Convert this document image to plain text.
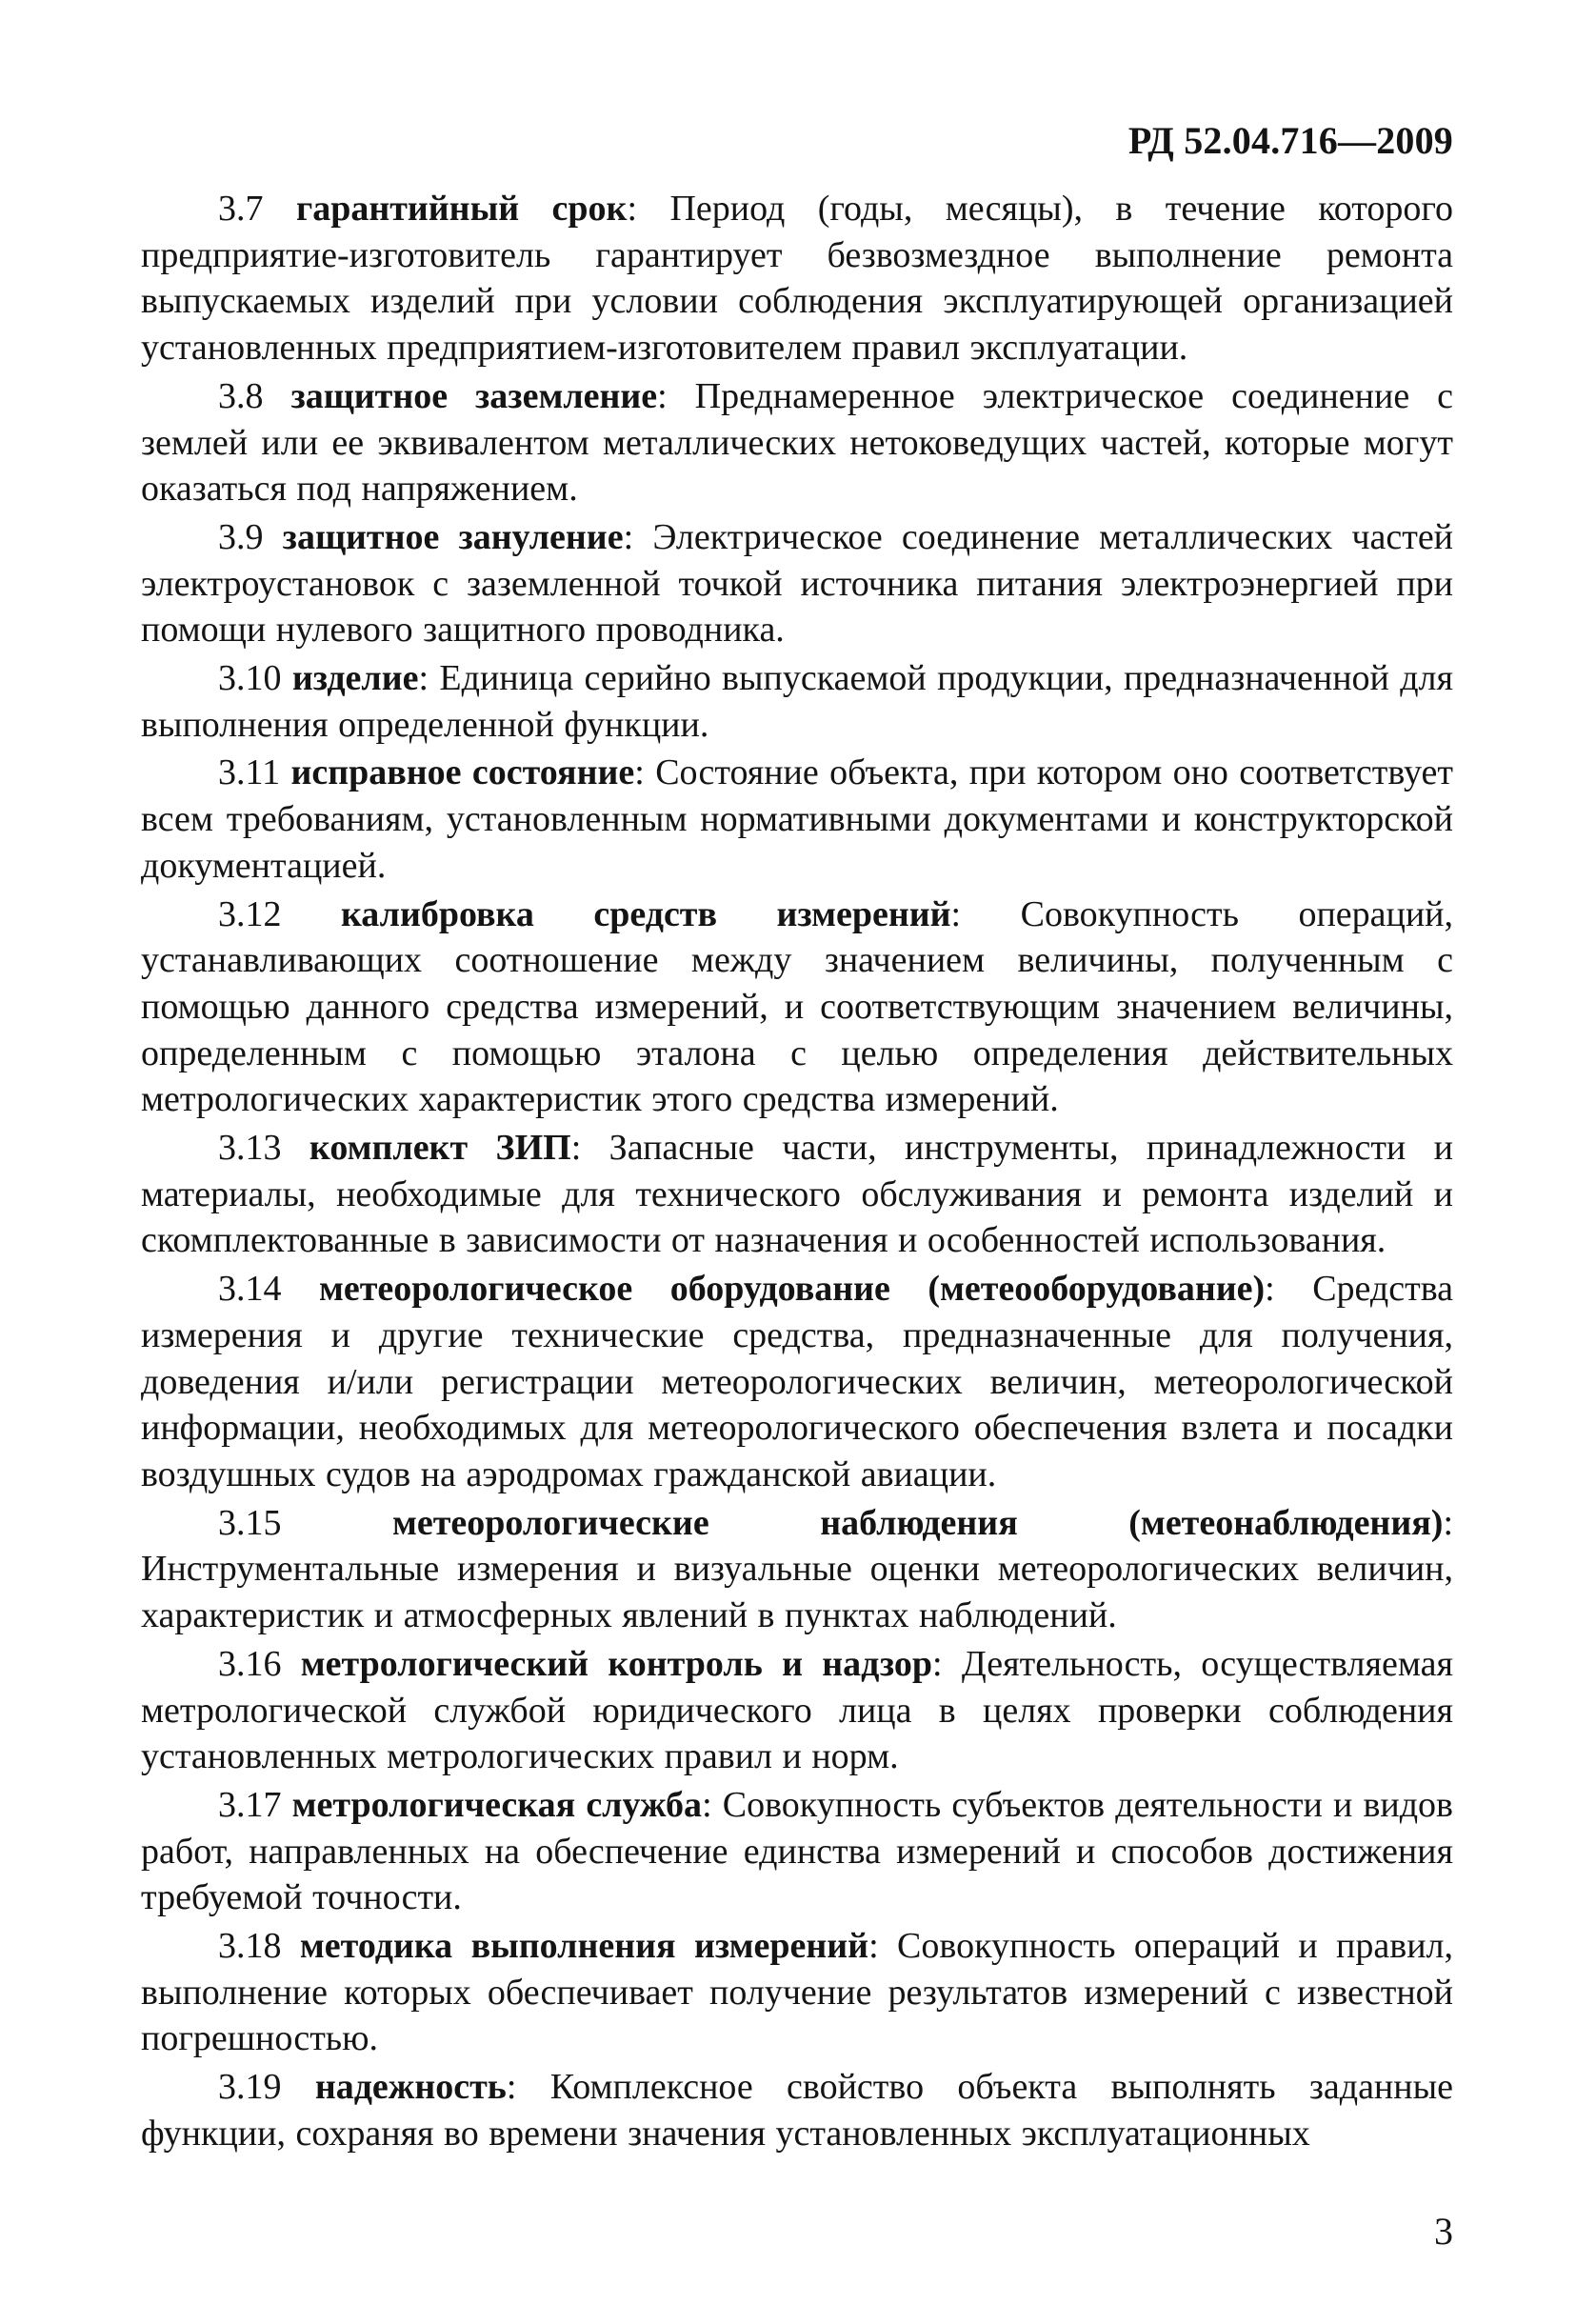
РД 52.04.716—2009

3.7 гарантийный срок: Период (годы, месяцы), в течение которого предприятие-изготовитель гарантирует безвозмездное выполнение ремонта выпускаемых изделий при условии соблюдения эксплуатирующей организацией установленных предприятием-изготовителем правил эксплуатации.

3.8 защитное заземление: Преднамеренное электрическое соединение с землей или ее эквивалентом металлических нетоковедущих частей, которые могут оказаться под напряжением.

3.9 защитное зануление: Электрическое соединение металлических частей электроустановок с заземленной точкой источника питания электроэнергией при помощи нулевого защитного проводника.

3.10 изделие: Единица серийно выпускаемой продукции, предназначенной для выполнения определенной функции.

3.11 исправное состояние: Состояние объекта, при котором оно соответствует всем требованиям, установленным нормативными документами и конструкторской документацией.

3.12 калибровка средств измерений: Совокупность операций, устанавливающих соотношение между значением величины, полученным с помощью данного средства измерений, и соответствующим значением величины, определенным с помощью эталона с целью определения действительных метрологических характеристик этого средства измерений.

3.13 комплект ЗИП: Запасные части, инструменты, принадлежности и материалы, необходимые для технического обслуживания и ремонта изделий и скомплектованные в зависимости от назначения и особенностей использования.

3.14 метеорологическое оборудование (метеооборудование): Средства измерения и другие технические средства, предназначенные для получения, доведения и/или регистрации метеорологических величин, метеорологической информации, необходимых для метеорологического обеспечения взлета и посадки воздушных судов на аэродромах гражданской авиации.

3.15	метеорологические наблюдения (метеонаблюдения): Инструментальные измерения и визуальные оценки метеорологических величин, характеристик и атмосферных явлений в пунктах наблюдений.

3.16 метрологический контроль и надзор: Деятельность, осуществляемая метрологической службой юридического лица в целях проверки соблюдения установленных метрологических правил и норм.

3.17 метрологическая служба: Совокупность субъектов деятельности и видов работ, направленных на обеспечение единства измерений и способов достижения требуемой точности.

3.18 методика выполнения измерений: Совокупность операций и правил, выполнение которых обеспечивает получение результатов измерений с известной погрешностью.

3.19 надежность: Комплексное свойство объекта выполнять заданные функции, сохраняя во времени значения установленных эксплуатационных

3
